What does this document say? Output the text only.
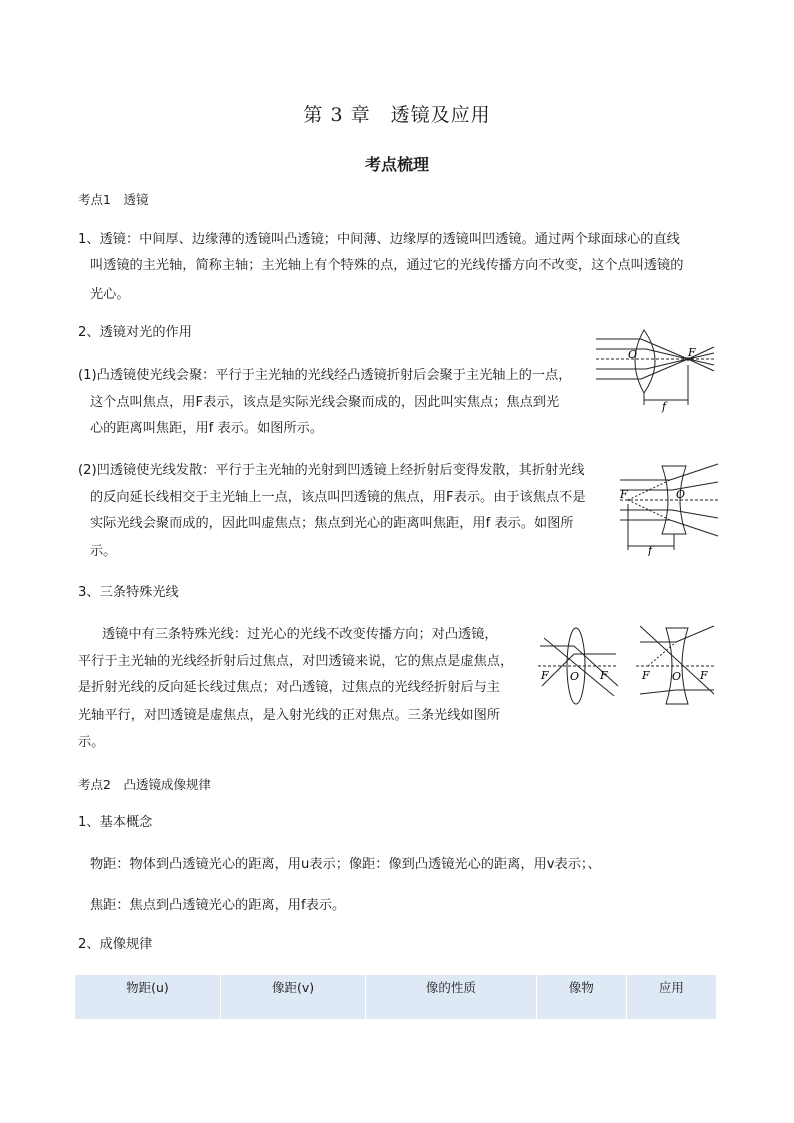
第 3 章　透镜及应用
考点梳理
考点1　透镜
1、透镜：中间厚、边缘薄的透镜叫凸透镜；中间薄、边缘厚的透镜叫凹透镜。通过两个球面球心的直线
叫透镜的主光轴，简称主轴；主光轴上有个特殊的点，通过它的光线传播方向不改变，这个点叫透镜的
光心。
2、透镜对光的作用
(1)凸透镜使光线会聚：平行于主光轴的光线经凸透镜折射后会聚于主光轴上的一点，
这个点叫焦点，用F表示，该点是实际光线会聚而成的，因此叫实焦点；焦点到光
心的距离叫焦距，用f 表示。如图所示。
O	F
f
(2)凹透镜使光线发散：平行于主光轴的光射到凹透镜上经折射后变得发散，其折射光线
的反向延长线相交于主光轴上一点，该点叫凹透镜的焦点，用F表示。由于该焦点不是
实际光线会聚而成的，因此叫虚焦点；焦点到光心的距离叫焦距，用f 表示。如图所
示。
F	O
f
3、三条特殊光线
透镜中有三条特殊光线：过光心的光线不改变传播方向；对凸透镜，
平行于主光轴的光线经折射后过焦点，对凹透镜来说，它的焦点是虚焦点，
是折射光线的反向延长线过焦点；对凸透镜，过焦点的光线经折射后与主
光轴平行，对凹透镜是虚焦点，是入射光线的正对焦点。三条光线如图所
示。
F O F	F O F
考点2　凸透镜成像规律
1、基本概念
物距：物体到凸透镜光心的距离，用u表示；像距：像到凸透镜光心的距离，用v表示；、
焦距：焦点到凸透镜光心的距离，用f表示。
2、成像规律
物距(u)	像距(v)	像的性质	像物	应用
